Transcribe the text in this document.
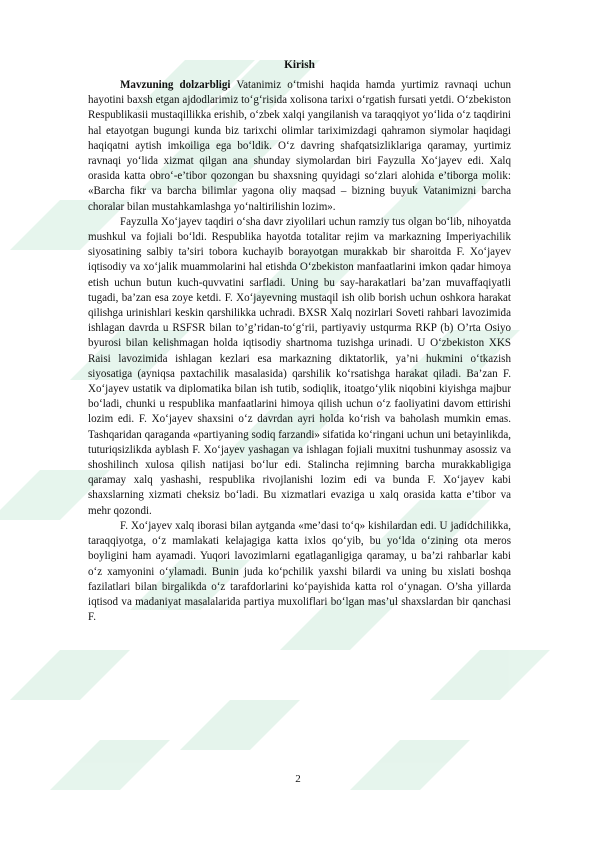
Kirish

Mavzuning dolzarbligi Vatanimiz o‘tmishi haqida hamda yurtimiz ravnaqi uchun hayotini baxsh etgan ajdodlarimiz to‘g‘risida xolisona tarixi o‘rgatish fursati yetdi. O‘zbekiston Respublikasii mustaqillikka erishib, o‘zbek xalqi yangilanish va taraqqiyot yo‘lida o‘z taqdirini hal etayotgan bugungi kunda biz tarixchi olimlar tariximizdagi qahramon siymolar haqidagi haqiqatni aytish imkoiliga ega bo‘ldik. O‘z davring shafqatsizliklariga qaramay, yurtimiz ravnaqi yo‘lida xizmat qilgan ana shunday siymolardan biri Fayzulla Xo‘jayev edi. Xalq orasida katta obro‘-e’tibor qozongan bu shaxsning quyidagi so‘zlari alohida e’tiborga molik: «Barcha fikr va barcha bilimlar yagona oliy maqsad – bizning buyuk Vatanimizni barcha choralar bilan mustahkamlashga yo‘naltirilishin lozim».

Fayzulla Xo‘jayev taqdiri o‘sha davr ziyolilari uchun ramziy tus olgan bo‘lib, nihoyatda mushkul va fojiali bo‘ldi. Respublika hayotda totalitar rejim va markazning Imperiyachilik siyosatining salbiy ta’siri tobora kuchayib borayotgan murakkab bir sharoitda F. Xo‘jayev iqtisodiy va xo‘jalik muammolarini hal etishda O‘zbekiston manfaatlarini imkon qadar himoya etish uchun butun kuch-quvvatini sarfladi. Uning bu say-harakatlari ba’zan muvaffaqiyatli tugadi, ba’zan esa zoye ketdi. F. Xo‘jayevning mustaqil ish olib borish uchun oshkora harakat qilishga urinishlari keskin qarshilikka uchradi. BXSR Xalq nozirlari Soveti rahbari lavozimida ishlagan davrda u RSFSR bilan to’g’ridan-to‘g‘rii, partiyaviy ustqurma RKP (b) O’rta Osiyo byurosi bilan kelishmagan holda iqtisodiy shartnoma tuzishga urinadi. U O‘zbekiston XKS Raisi lavozimida ishlagan kezlari esa markazning diktatorlik, ya’ni hukmini o‘tkazish siyosatiga (ayniqsa paxtachilik masalasida) qarshilik ko‘rsatishga harakat qiladi. Ba’zan F. Xo‘jayev ustatik va diplomatika bilan ish tutib, sodiqlik, itoatgo‘ylik niqobini kiyishga majbur bo‘ladi, chunki u respublika manfaatlarini himoya qilish uchun o‘z faoliyatini davom ettirishi lozim edi. F. Xo‘jayev shaxsini o‘z davrdan ayri holda ko‘rish va baholash mumkin emas. Tashqaridan qaraganda «partiyaning sodiq farzandi» sifatida ko‘ringani uchun uni betayinlikda, tuturiqsizlikda ayblash F. Xo‘jayev yashagan va ishlagan fojiali muxitni tushunmay asossiz va shoshilinch xulosa qilish natijasi bo‘lur edi. Stalincha rejimning barcha murakkabligiga qaramay xalq yashashi, respublika rivojlanishi lozim edi va bunda F. Xo‘jayev kabi shaxslarning xizmati cheksiz bo‘ladi. Bu xizmatlari evaziga u xalq orasida katta e’tibor va mehr qozondi.

F. Xo‘jayev xalq iborasi bilan aytganda «me’dasi to‘q» kishilardan edi. U jadidchilikka, taraqqiyotga, o‘z mamlakati kelajagiga katta ixlos qo‘yib, bu yo‘lda o‘zining ota meros boyligini ham ayamadi. Yuqori lavozimlarni egatlaganligiga qaramay, u ba’zi rahbarlar kabi o‘z xamyonini o‘ylamadi. Bunin juda ko‘pchilik yaxshi bilardi va uning bu xislati boshqa fazilatlari bilan birgalikda o‘z tarafdorlarini ko‘payishida katta rol o‘ynagan. O’sha yillarda iqtisod va madaniyat masalalarida partiya muxoliflari bo‘lgan mas’ul shaxslardan bir qanchasi F.

2
